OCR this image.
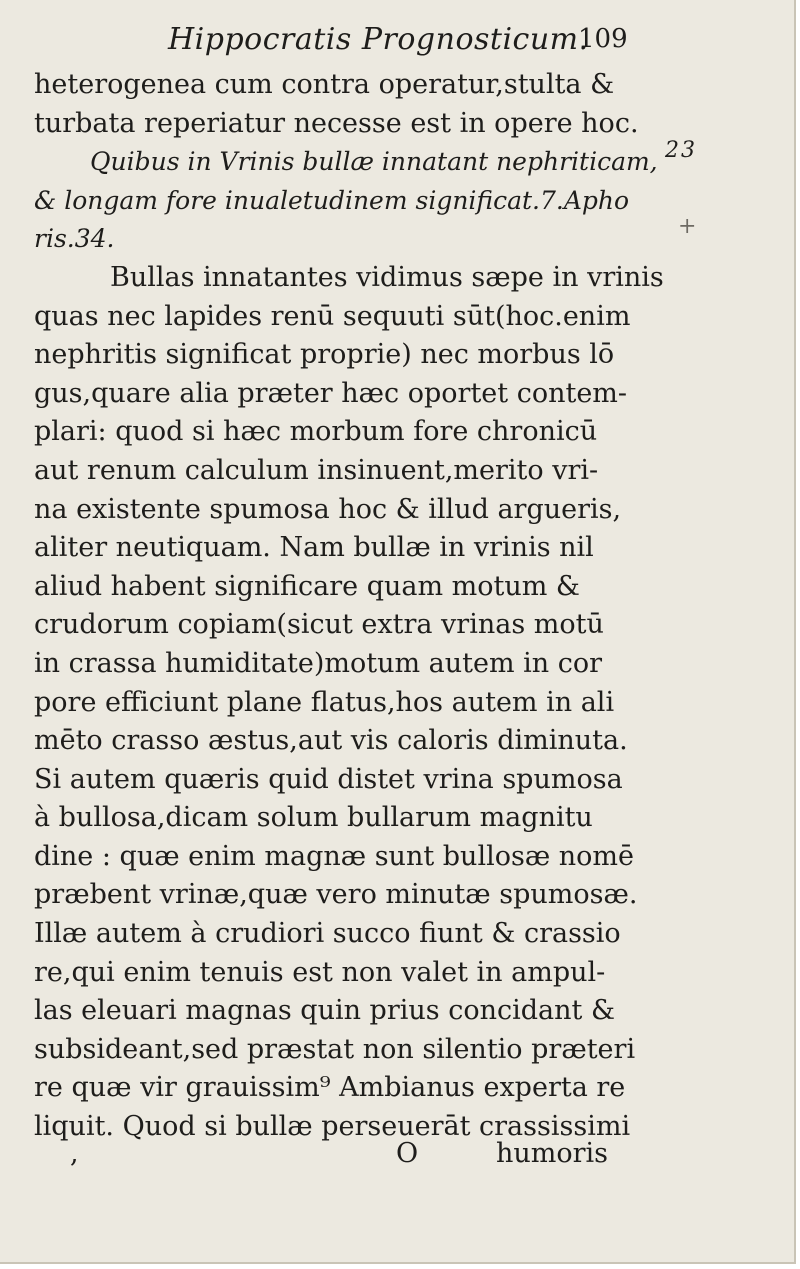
Hippocratis Prognosticum.
109
heterogenea cum contra operatur,stulta &
turbata reperiatur necesse est in opere hoc.
Quibus in Vrinis bullæ innatant nephriticam,
& longam fore inualetudinem significat.7.Apho
ris.34.
Bullas innatantes vidimus sæpe in vrinis
quas nec lapides renū sequuti sūt(hoc.enim
nephritis significat proprie) nec morbus lō
gus,quare alia præter hæc oportet contem-
plari: quod si hæc morbum fore chronicū
aut renum calculum insinuent,merito vri-
na existente spumosa hoc & illud argueris,
aliter neutiquam. Nam bullæ in vrinis nil
aliud habent significare quam motum &
crudorum copiam(sicut extra vrinas motū
in crassa humiditate)motum autem in cor
pore efficiunt plane flatus,hos autem in ali
mēto crasso æstus,aut vis caloris diminuta.
Si autem quæris quid distet vrina spumosa
à bullosa,dicam solum bullarum magnitu
dine : quæ enim magnæ sunt bullosæ nomē
præbent vrinæ,quæ vero minutæ spumosæ.
Illæ autem à crudiori succo fiunt & crassio
re,qui enim tenuis est non valet in ampul-
las eleuari magnas quin prius concidant &
subsideant,sed præstat non silentio præteri
re quæ vir grauissim⁹ Ambianus experta re
liquit. Quod si bullæ perseuerāt crassissimi
,	O	humoris
23
+
